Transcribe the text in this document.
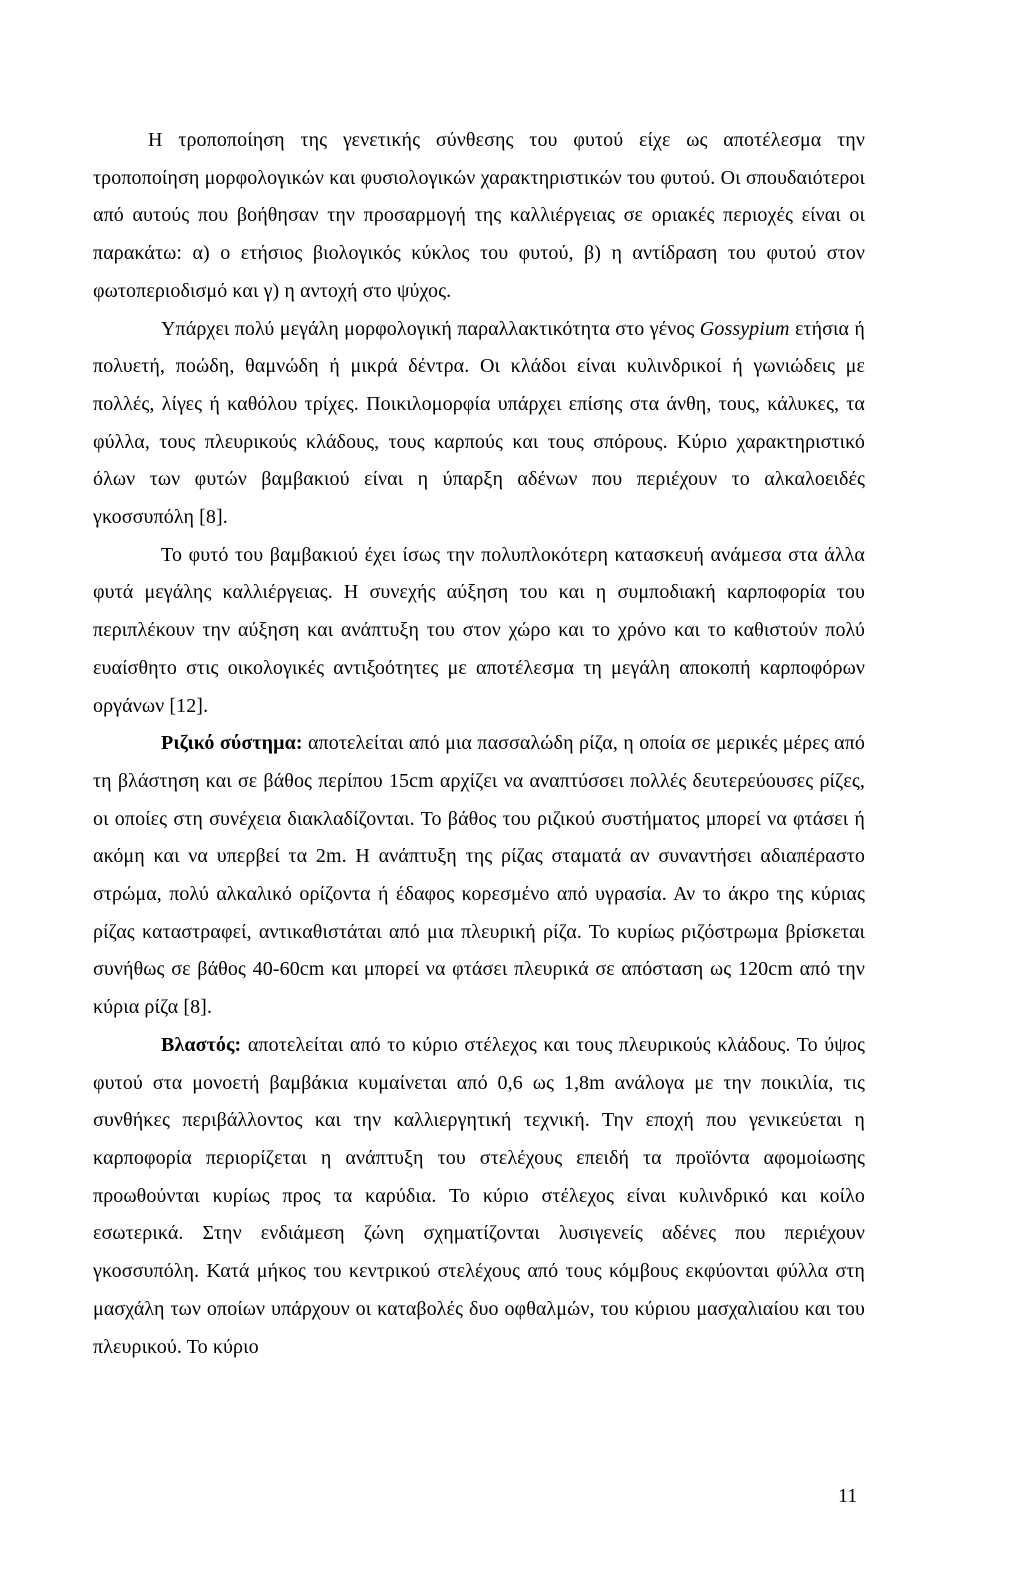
Η τροποποίηση της γενετικής σύνθεσης του φυτού είχε ως αποτέλεσμα την τροποποίηση μορφολογικών και φυσιολογικών χαρακτηριστικών του φυτού. Οι σπουδαιότεροι από αυτούς που βοήθησαν την προσαρμογή της καλλιέργειας σε οριακές περιοχές είναι οι παρακάτω: α) ο ετήσιος βιολογικός κύκλος του φυτού, β) η αντίδραση του φυτού στον φωτοπεριοδισμό και γ) η αντοχή στο ψύχος.

Υπάρχει πολύ μεγάλη μορφολογική παραλλακτικότητα στο γένος Gossypium ετήσια ή πολυετή, ποώδη, θαμνώδη ή μικρά δέντρα. Οι κλάδοι είναι κυλινδρικοί ή γωνιώδεις με πολλές, λίγες ή καθόλου τρίχες. Ποικιλομορφία υπάρχει επίσης στα άνθη, τους, κάλυκες, τα φύλλα, τους πλευρικούς κλάδους, τους καρπούς και τους σπόρους. Κύριο χαρακτηριστικό όλων των φυτών βαμβακιού είναι η ύπαρξη αδένων που περιέχουν το αλκαλοειδές γκοσσυπόλη [8].

Το φυτό του βαμβακιού έχει ίσως την πολυπλοκότερη κατασκευή ανάμεσα στα άλλα φυτά μεγάλης καλλιέργειας. Η συνεχής αύξηση του και η συμποδιακή καρποφορία του περιπλέκουν την αύξηση και ανάπτυξη του στον χώρο και το χρόνο και το καθιστούν πολύ ευαίσθητο στις οικολογικές αντιξοότητες με αποτέλεσμα τη μεγάλη αποκοπή καρποφόρων οργάνων [12].

Ριζικό σύστημα: αποτελείται από μια πασσαλώδη ρίζα, η οποία σε μερικές μέρες από τη βλάστηση και σε βάθος περίπου 15cm αρχίζει να αναπτύσσει πολλές δευτερεύουσες ρίζες, οι οποίες στη συνέχεια διακλαδίζονται. Το βάθος του ριζικού συστήματος μπορεί να φτάσει ή ακόμη και να υπερβεί τα 2m. Η ανάπτυξη της ρίζας σταματά αν συναντήσει αδιαπέραστο στρώμα, πολύ αλκαλικό ορίζοντα ή έδαφος κορεσμένο από υγρασία. Αν το άκρο της κύριας ρίζας καταστραφεί, αντικαθιστάται από μια πλευρική ρίζα. Το κυρίως ριζόστρωμα βρίσκεται συνήθως σε βάθος 40-60cm και μπορεί να φτάσει πλευρικά σε απόσταση ως 120cm από την κύρια ρίζα [8].

Βλαστός: αποτελείται από το κύριο στέλεχος και τους πλευρικούς κλάδους. Το ύψος φυτού στα μονοετή βαμβάκια κυμαίνεται από 0,6 ως 1,8m ανάλογα με την ποικιλία, τις συνθήκες περιβάλλοντος και την καλλιεργητική τεχνική. Την εποχή που γενικεύεται η καρποφορία περιορίζεται η ανάπτυξη του στελέχους επειδή τα προϊόντα αφομοίωσης προωθούνται κυρίως προς τα καρύδια. Το κύριο στέλεχος είναι κυλινδρικό και κοίλο εσωτερικά. Στην ενδιάμεση ζώνη σχηματίζονται λυσιγενείς αδένες που περιέχουν γκοσσυπόλη. Κατά μήκος του κεντρικού στελέχους από τους κόμβους εκφύονται φύλλα στη μασχάλη των οποίων υπάρχουν οι καταβολές δυο οφθαλμών, του κύριου μασχαλιαίου και του πλευρικού. Το κύριο

11
